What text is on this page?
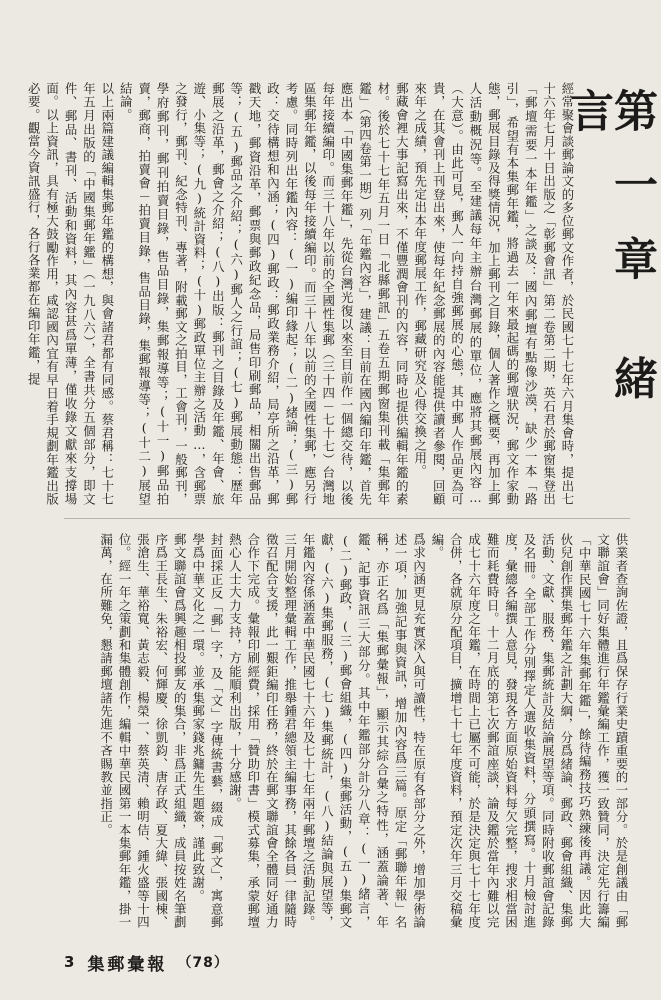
第一章 緒 言

經常聚會談郵論文的多位郵文作者，於民國七十七年六月集會時，提出七十六年七月十日出版之「彰郵會訊」第二卷第二期，英石君於郵窗集登出「郵壇需要一本年鑑」之談及：國內郵壇有點像沙漠，缺少一本「路引」，希望有本集郵年鑑，將過去一年來最起碼的郵壇狀況，郵文作家動態，郵展目錄及得獎情況，加上郵刊之目錄，個人著作之概要，再加上郵人活動概況等。至建議每年主辦台灣郵展的單位，應將其郵展內容…（大意）。由此可見，郵人一向持自強郵展的心態，其中郵人作品更為可貴，在其會刊上刊登出來，使每年紀念郵展的內容能提供讀者參閱，回顧來年之成績，預先定出本年度郵展工作，郵藏研究及心得交換之用。

郵藏會裡大事記寫出來，不僅豐潤會刊的內容，同時也提供編輯年鑑的素材。後於七十七年五月一日「北縣郵訊」五卷五期郵窗集刊載「集郵年鑑」（第四卷第一期）列「年鑑內容」，建議：目前在國內編印年鑑，首先應出本「中國集郵年鑑」，先從台灣光復以來至目前作一個總交待，以後每年接續編印。而三十八年以前的全國性集郵（三十四－七十七）台灣地區集郵年鑑，以後每年接續編印。而三十八年以前的全國性集郵，應另行考慮。同時列出年鑑內容：(一)編印緣起；(二)緒論；(三)郵政：交待構想和內涵；(四)郵政：郵政業務介紹，局亭所之沿革，郵戳天地，郵資沿革，郵票與郵政紀念品，局售印刷郵品，相關出售郵品等；(五)郵品之介紹；(六)郵人之行誼；(七)郵展動態：歷年郵展之沿革，郵會之介紹；(八)出版：郵刊之目錄及年鑑、年會、旅遊、小集等；(九)統計資料；(十)郵政單位主辦之活動…，含郵票之發行，郵刊、紀念特刊、專著，附載郵文之拍目，工會刊，一般郵刊，學府郵刊，郵刊拍賣目錄，售品目錄，集郵報導等；(十一)郵品拍賣，郵商，拍賣會－拍賣目錄，售品目錄，集郵報導等；(十二)展望結論。

以上兩篇建議編輯集郵年鑑的構想，與會諸君都有同感。蔡君稱：七十七年五月出版的「中國集郵年鑑」（一九八六），全書共分五個部分，即文件、郵品、書刊、活動和資料，其內容甚爲單薄，僅收錄文獻來支撐場面。以上資訊，具有極大鼓勵作用，咸認國內宜有早日着手規劃年鑑出版必要。觀當今資訊盛行，各行各業都在編印年鑑，提

供業者查詢佐證，且爲保存行業史蹟重要的一部分。於是創議由「郵文聯誼會」同好集體進行年鑑彙編工作，獲一致贊同，決定先行籌編「中華民國七十六年集郵年鑑」，餘待編務技巧熟練後再議。因此大伙兒創作撰集郵年鑑之計劃大綱，分爲緒論、郵政、郵會組織、集郵活動、文獻、服務、集郵統計及結論展望等項。同時附收郵誼會記錄及名冊。全部工作分別擇定人選收集資料，分頭撰寫。十月檢討進度，彙總各編撰人意見，發現各方面原始資料每欠完整，搜求相當困難而耗費時日。十二月底的第七次郵誼座談，論及鑑於當年內難以完成七十六年度之年鑑，在時間上已屬不可能，於是決定與七十七年度合併，各就原分配項目，擴增七十七年度資料，預定次年三月交稿彙編。

爲求內涵更見充實深入與可讀性，特在原有各部分之外，增加學術論述一項，加強記事與資訊，增加內容爲三篇。原定「郵聯年報」名稱，亦正名爲「集郵彙報」，顯示其綜合彙之特性，涵蓋論著、年鑑、記事資訊三大部分。其中年鑑部分計分八章：(一)緒言，(二)郵政，(三)郵會組織，(四)集郵活動，(五)集郵文獻，(六)集郵服務，(七)集郵統計，(八)結論與展望等，年鑑內容係涵蓋中華民國七十六年及七十七年兩年郵壇之活動記錄。

三月開始整理彙輯工作，推舉鍾君總領主編事務，其餘各員一律隨時徵召配合支援，此一艱鉅編印任務，終於在郵文聯誼會全體同好通力合作下完成。彙報印刷經費，採用「贊助印書」模式募集，承蒙郵壇熱心人士大力支持，方能順利出版，十分感謝。

封面採正反「郵」字，及「文」字傳統書藝，綴成「郵文」，寓意郵學爲中華文化之一環。並承集郵家錢兆鏞先生題簽，謹此致謝。

郵文聯誼會爲興趣相投郵友的集合，非爲正式組織，成員按姓名筆劃序爲王長生、朱裕宏、何輝慶、徐凱鈞、唐存政、夏大緯、張國棟、張滄生、華裕寬、黃志毅、楊榮一、蔡英清、賴明佶、鍾火盛等十四位。經一年之策劃和集體創作，編輯中華民國第一本集郵年鑑，掛一漏萬，在所難免，懇請郵壇諸先進不吝賜教並指正。

3 集郵彙報 （78）
